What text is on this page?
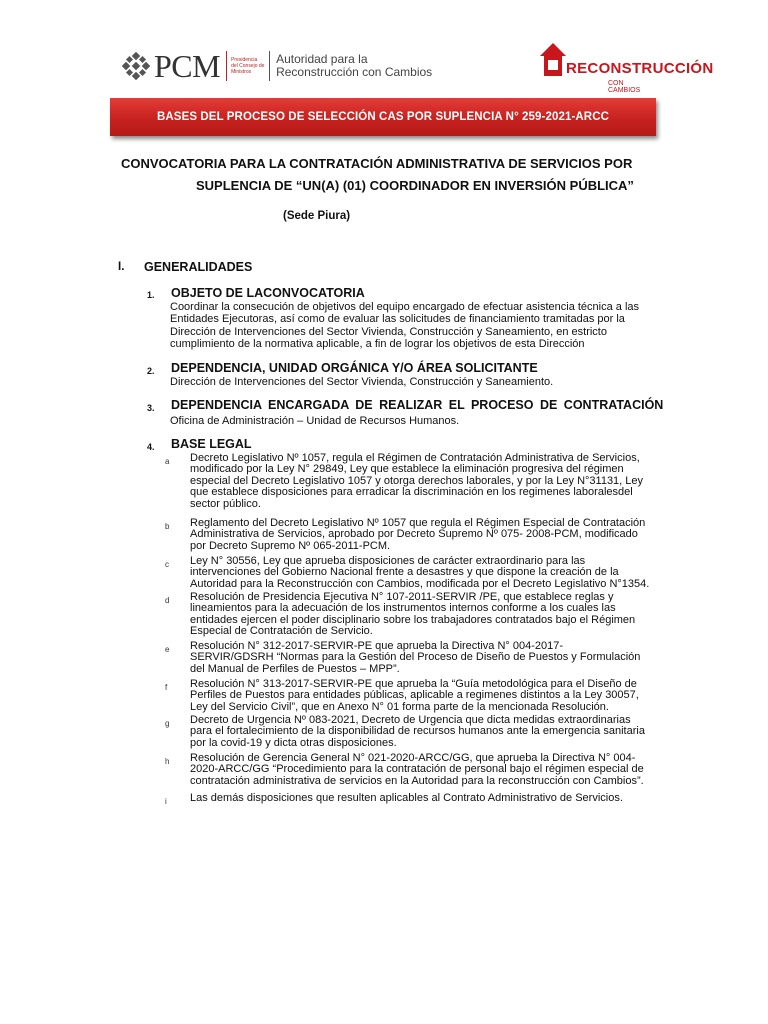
PCM Presidencia del Consejo de Ministros
Autoridad para la
Reconstrucción con Cambios	RECONSTRUCCIÓN
CON CAMBIOS
BASES DEL PROCESO DE SELECCIÓN CAS POR SUPLENCIA N° 259-2021-ARCC
CONVOCATORIA PARA LA CONTRATACIÓN ADMINISTRATIVA DE SERVICIOS POR
SUPLENCIA DE “UN(A) (01) COORDINADOR EN INVERSIÓN PÚBLICA”
(Sede Piura)
I. GENERALIDADES
1. OBJETO DE LACONVOCATORIA
Coordinar la consecución de objetivos del equipo encargado de efectuar asistencia técnica a las
Entidades Ejecutoras, así como de evaluar las solicitudes de financiamiento tramitadas por la
Dirección de Intervenciones del Sector Vivienda, Construcción y Saneamiento, en estricto
cumplimiento de la normativa aplicable, a fin de lograr los objetivos de esta Dirección
2. DEPENDENCIA, UNIDAD ORGÁNICA Y/O ÁREA SOLICITANTE
Dirección de Intervenciones del Sector Vivienda, Construcción y Saneamiento.
3. DEPENDENCIA ENCARGADA DE REALIZAR EL PROCESO DE CONTRATACIÓN
Oficina de Administración – Unidad de Recursos Humanos.
4. BASE LEGAL
a Decreto Legislativo Nº 1057, regula el Régimen de Contratación Administrativa de Servicios,
modificado por la Ley N° 29849, Ley que establece la eliminación progresiva del régimen
especial del Decreto Legislativo 1057 y otorga derechos laborales, y por la Ley N°31131, Ley
que establece disposiciones para erradicar la discriminación en los regimenes laboralesdel
sector público.
b Reglamento del Decreto Legislativo Nº 1057 que regula el Régimen Especial de Contratación
Administrativa de Servicios, aprobado por Decreto Supremo Nº 075- 2008-PCM, modificado
por Decreto Supremo Nº 065-2011-PCM.
c Ley N° 30556, Ley que aprueba disposiciones de carácter extraordinario para las
intervenciones del Gobierno Nacional frente a desastres y que dispone la creación de la
Autoridad para la Reconstrucción con Cambios, modificada por el Decreto Legislativo N°1354.
d Resolución de Presidencia Ejecutiva N° 107-2011-SERVIR /PE, que establece reglas y
lineamientos para la adecuación de los instrumentos internos conforme a los cuales las
entidades ejercen el poder disciplinario sobre los trabajadores contratados bajo el Régimen
Especial de Contratación de Servicio.
e Resolución N° 312-2017-SERVIR-PE que aprueba la Directiva N° 004-2017-
SERVIR/GDSRH “Normas para la Gestión del Proceso de Diseño de Puestos y Formulación
del Manual de Perfiles de Puestos – MPP”.
f Resolución N° 313-2017-SERVIR-PE que aprueba la “Guía metodológica para el Diseño de
Perfiles de Puestos para entidades públicas, aplicable a regimenes distintos a la Ley 30057,
Ley del Servicio Civil”, que en Anexo N° 01 forma parte de la mencionada Resolución.
g Decreto de Urgencia Nº 083-2021, Decreto de Urgencia que dicta medidas extraordinarias
para el fortalecimiento de la disponibilidad de recursos humanos ante la emergencia sanitaria
por la covid-19 y dicta otras disposiciones.
h Resolución de Gerencia General N° 021-2020-ARCC/GG, que aprueba la Directiva N° 004-
2020-ARCC/GG “Procedimiento para la contratación de personal bajo el régimen especial de
contratación administrativa de servicios en la Autoridad para la reconstrucción con Cambios”.
i Las demás disposiciones que resulten aplicables al Contrato Administrativo de Servicios.
